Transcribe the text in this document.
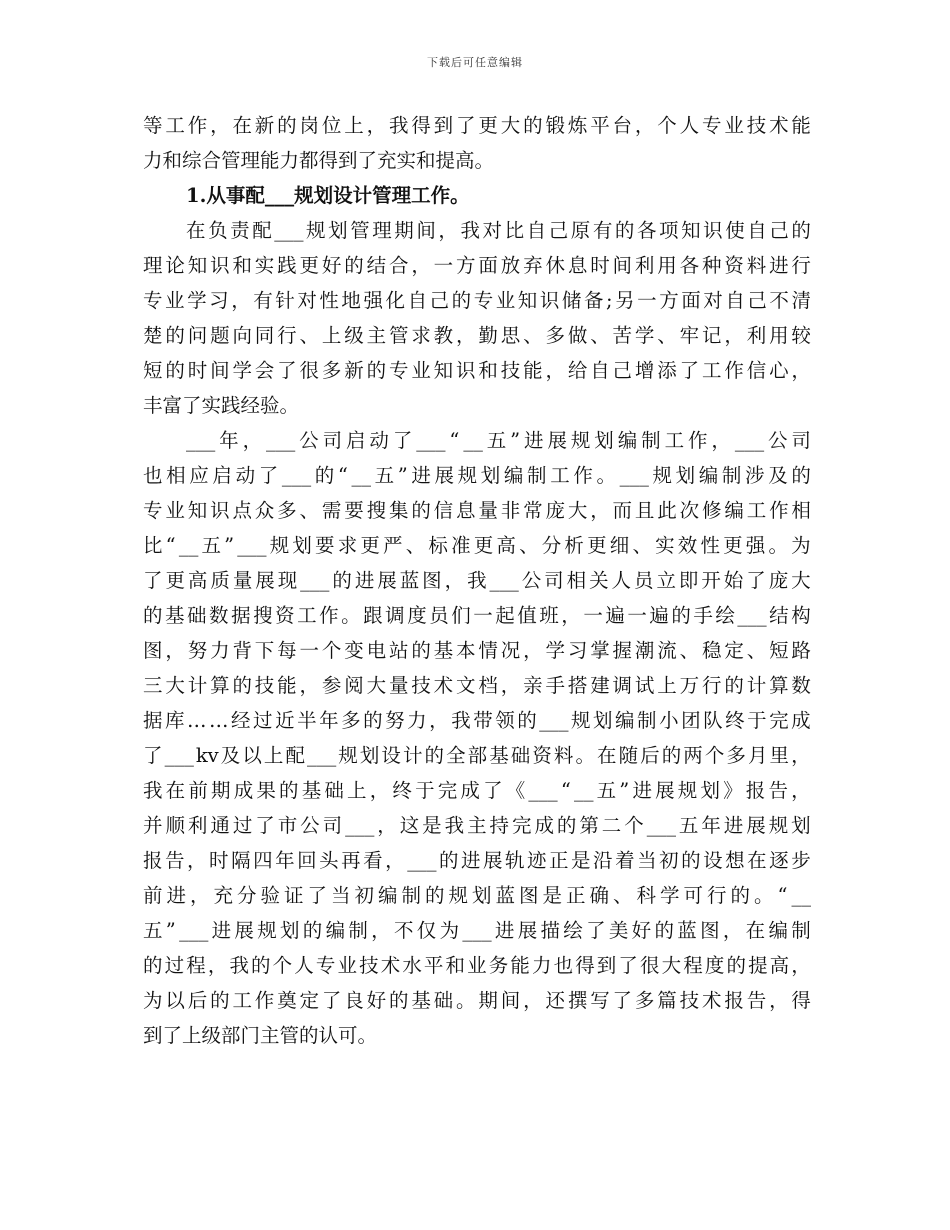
下载后可任意编辑
等 工 作 ， 在 新 的 岗 位 上 ， 我 得 到 了 更 大 的 锻 炼 平 台 ， 个 人 专 业 技 术 能
力和综合管理能力都得到了充实和提高。
1.从事配___规划设计管理工作。
在 负 责 配 ___ 规 划 管 理 期 间 ， 我 对 比 自 己 原 有 的 各 项 知 识 使 自 己 的
理 论 知 识 和 实 践 更 好 的 结 合 ， 一 方 面 放 弃 休 息 时 间 利 用 各 种 资 料 进 行
专 业 学 习 ， 有 针 对 性 地 强 化 自 己 的 专 业 知 识 储 备 ; 另 一 方 面 对 自 己 不 清
楚 的 问 题 向 同 行 、 上 级 主 管 求 教 ， 勤 思 、 多 做 、 苦 学 、 牢 记 ， 利 用 较
短 的 时 间 学 会 了 很 多 新 的 专 业 知 识 和 技 能 ， 给 自 己 增 添 了 工 作 信 心 ，
丰富了实践经验。
___ 年 ， ___ 公 司 启 动 了 ___ “ __ 五 ” 进 展 规 划 编 制 工 作 ， ___ 公 司
也 相 应 启 动 了 ___ 的 “ __ 五 ” 进 展 规 划 编 制 工 作 。 ___ 规 划 编 制 涉 及 的
专 业 知 识 点 众 多 、 需 要 搜 集 的 信 息 量 非 常 庞 大 ， 而 且 此 次 修 编 工 作 相
比 “ __ 五 ” ___ 规 划 要 求 更 严 、 标 准 更 高 、 分 析 更 细 、 实 效 性 更 强 。 为
了 更 高 质 量 展 现 ___ 的 进 展 蓝 图 ， 我 ___ 公 司 相 关 人 员 立 即 开 始 了 庞 大
的 基 础 数 据 搜 资 工 作 。 跟 调 度 员 们 一 起 值 班 ， 一 遍 一 遍 的 手 绘 ___ 结 构
图 ， 努 力 背 下 每 一 个 变 电 站 的 基 本 情 况 ， 学 习 掌 握 潮 流 、 稳 定 、 短 路
三 大 计 算 的 技 能 ， 参 阅 大 量 技 术 文 档 ， 亲 手 搭 建 调 试 上 万 行 的 计 算 数
据 库 … … 经 过 近 半 年 多 的 努 力 ， 我 带 领 的 ___ 规 划 编 制 小 团 队 终 于 完 成
了 ___ kv 及 以 上 配 ___ 规 划 设 计 的 全 部 基 础 资 料 。 在 随 后 的 两 个 多 月 里 ，
我 在 前 期 成 果 的 基 础 上 ， 终 于 完 成 了 《 ___ “ __ 五 ” 进 展 规 划 》 报 告 ，
并 顺 利 通 过 了 市 公 司 ___ ， 这 是 我 主 持 完 成 的 第 二 个 ___ 五 年 进 展 规 划
报 告 ， 时 隔 四 年 回 头 再 看 ， ___ 的 进 展 轨 迹 正 是 沿 着 当 初 的 设 想 在 逐 步
前 进 ， 充 分 验 证 了 当 初 编 制 的 规 划 蓝 图 是 正 确 、 科 学 可 行 的 。 “ __
五 ” ___ 进 展 规 划 的 编 制 ， 不 仅 为 ___ 进 展 描 绘 了 美 好 的 蓝 图 ， 在 编 制
的 过 程 ， 我 的 个 人 专 业 技 术 水 平 和 业 务 能 力 也 得 到 了 很 大 程 度 的 提 高 ，
为 以 后 的 工 作 奠 定 了 良 好 的 基 础 。 期 间 ， 还 撰 写 了 多 篇 技 术 报 告 ， 得
到了上级部门主管的认可。
